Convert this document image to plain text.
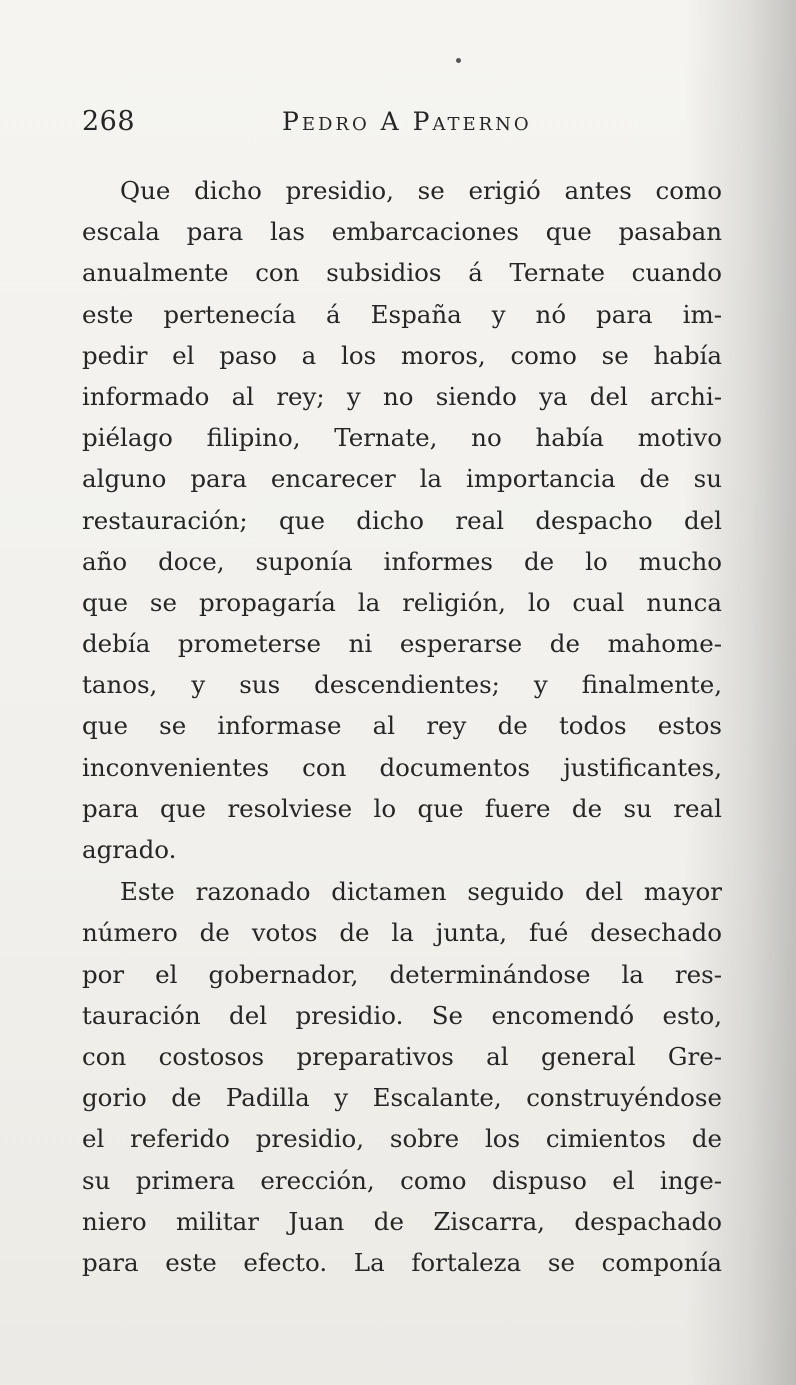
268	Pedro A Paterno
Que dicho presidio, se erigió antes como
escala para las embarcaciones que pasaban
anualmente con subsidios á Ternate cuando
este pertenecía á España y nó para im-
pedir el paso a los moros, como se había
informado al rey; y no siendo ya del archi-
piélago filipino, Ternate, no había motivo
alguno para encarecer la importancia de su
restauración; que dicho real despacho del
año doce, suponía informes de lo mucho
que se propagaría la religión, lo cual nunca
debía prometerse ni esperarse de mahome-
tanos, y sus descendientes; y finalmente,
que se informase al rey de todos estos
inconvenientes con documentos justificantes,
para que resolviese lo que fuere de su real
agrado.
Este razonado dictamen seguido del mayor
número de votos de la junta, fué desechado
por el gobernador, determinándose la res-
tauración del presidio. Se encomendó esto,
con costosos preparativos al general Gre-
gorio de Padilla y Escalante, construyéndose
el referido presidio, sobre los cimientos de
su primera erección, como dispuso el inge-
niero militar Juan de Ziscarra, despachado
para este efecto. La fortaleza se componía
